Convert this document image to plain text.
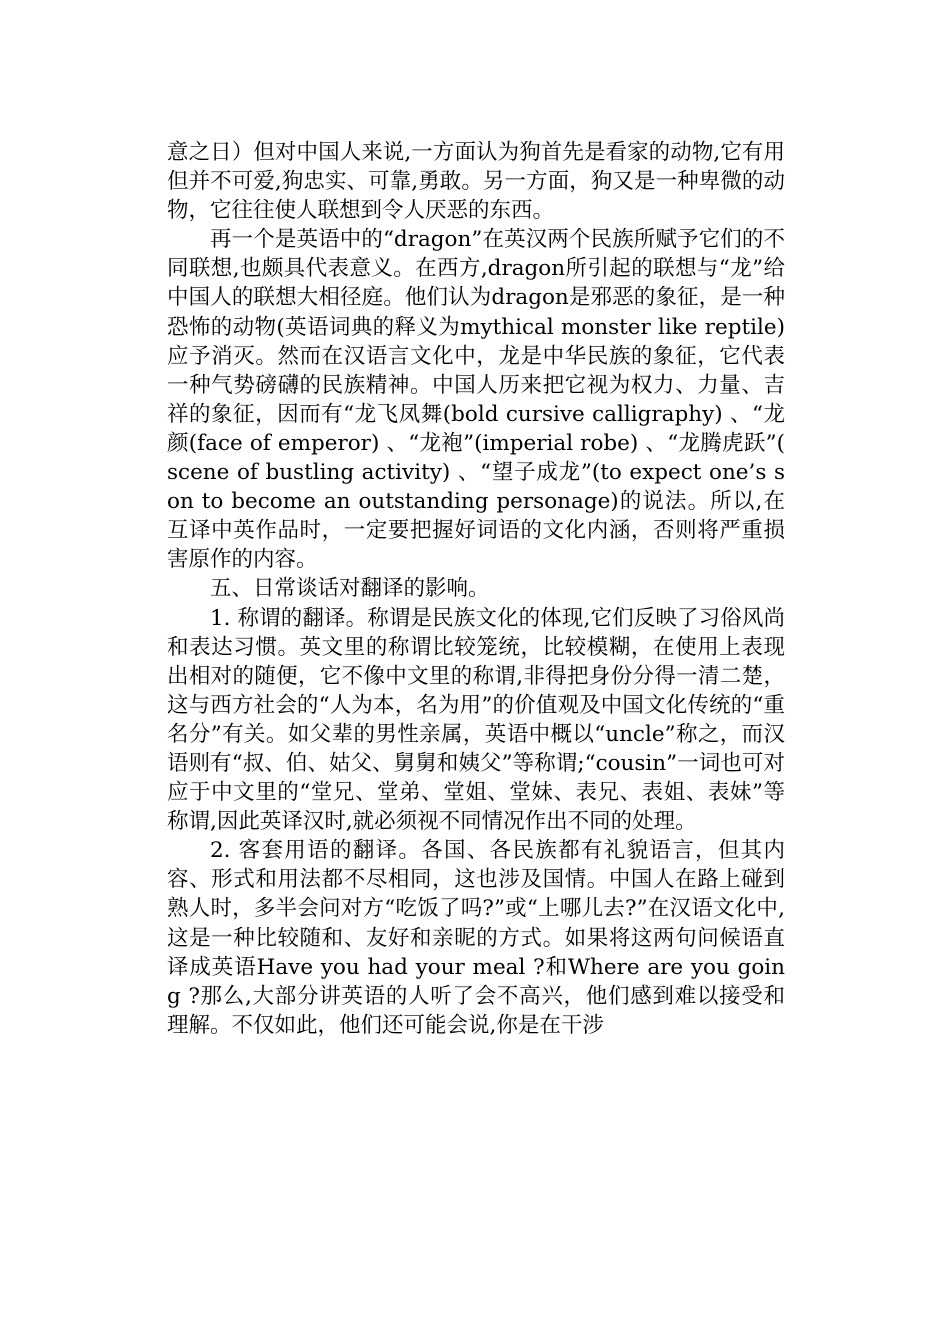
意之日）但对中国人来说,一方面认为狗首先是看家的动物,它有用但并不可爱,狗忠实、可靠,勇敢。另一方面，狗又是一种卑微的动物，它往往使人联想到令人厌恶的东西。

再一个是英语中的“dragon”在英汉两个民族所赋予它们的不同联想,也颇具代表意义。在西方,dragon所引起的联想与“龙”给中国人的联想大相径庭。他们认为dragon是邪恶的象征，是一种恐怖的动物(英语词典的释义为mythical monster like reptile) 应予消灭。然而在汉语言文化中，龙是中华民族的象征，它代表一种气势磅礴的民族精神。中国人历来把它视为权力、力量、吉祥的象征，因而有“龙飞凤舞(bold cursive calligraphy) 、“龙颜(face of emperor) 、“龙袍”(imperial robe) 、“龙腾虎跃”( scene of bustling activity) 、“望子成龙”(to expect one’s son to become an outstanding personage)的说法。所以,在互译中英作品时，一定要把握好词语的文化内涵，否则将严重损害原作的内容。

五、日常谈话对翻译的影响。

1. 称谓的翻译。称谓是民族文化的体现,它们反映了习俗风尚和表达习惯。英文里的称谓比较笼统，比较模糊，在使用上表现出相对的随便，它不像中文里的称谓,非得把身份分得一清二楚，这与西方社会的“人为本，名为用”的价值观及中国文化传统的“重名分”有关。如父辈的男性亲属，英语中概以“uncle”称之，而汉语则有“叔、伯、姑父、舅舅和姨父”等称谓;“cousin”一词也可对应于中文里的“堂兄、堂弟、堂姐、堂妹、表兄、表姐、表妹”等称谓,因此英译汉时,就必须视不同情况作出不同的处理。

2. 客套用语的翻译。各国、各民族都有礼貌语言，但其内容、形式和用法都不尽相同，这也涉及国情。中国人在路上碰到熟人时，多半会问对方“吃饭了吗?”或“上哪儿去?”在汉语文化中,这是一种比较随和、友好和亲昵的方式。如果将这两句问候语直译成英语Have you had your meal ?和Where are you going ?那么,大部分讲英语的人听了会不高兴，他们感到难以接受和理解。不仅如此，他们还可能会说,你是在干涉
